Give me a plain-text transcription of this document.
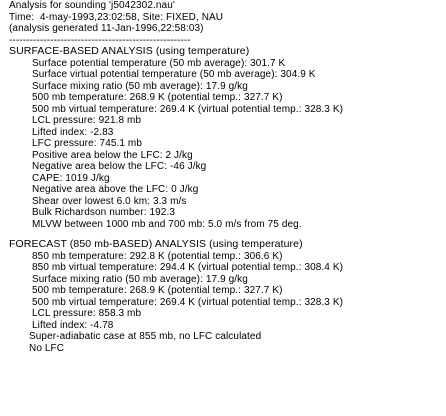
Analysis for sounding 'j5042302.nau'
Time:  4-may-1993,23:02:58, Site: FIXED, NAU
(analysis generated 11-Jan-1996,22:58:03)
-----------------------------------------------------
SURFACE-BASED ANALYSIS (using temperature)
Surface potential temperature (50 mb average): 301.7 K
Surface virtual potential temperature (50 mb average): 304.9 K
Surface mixing ratio (50 mb average): 17.9 g/kg
500 mb temperature: 268.9 K (potential temp.: 327.7 K)
500 mb virtual temperature: 269.4 K (virtual potential temp.: 328.3 K)
LCL pressure: 921.8 mb
Lifted index: -2.83
LFC pressure: 745.1 mb
Positive area below the LFC: 2 J/kg
Negative area below the LFC: -46 J/kg
CAPE: 1019 J/kg
Negative area above the LFC: 0 J/kg
Shear over lowest 6.0 km: 3.3 m/s
Bulk Richardson number: 192.3
MLVW between 1000 mb and 700 mb: 5.0 m/s from 75 deg.
FORECAST (850 mb-BASED) ANALYSIS (using temperature)
850 mb temperature: 292.8 K (potential temp.: 306.6 K)
850 mb virtual temperature: 294.4 K (virtual potential temp.: 308.4 K)
Surface mixing ratio (50 mb average): 17.9 g/kg
500 mb temperature: 268.9 K (potential temp.: 327.7 K)
500 mb virtual temperature: 269.4 K (virtual potential temp.: 328.3 K)
LCL pressure: 858.3 mb
Lifted index: -4.78
Super-adiabatic case at 855 mb, no LFC calculated
No LFC
